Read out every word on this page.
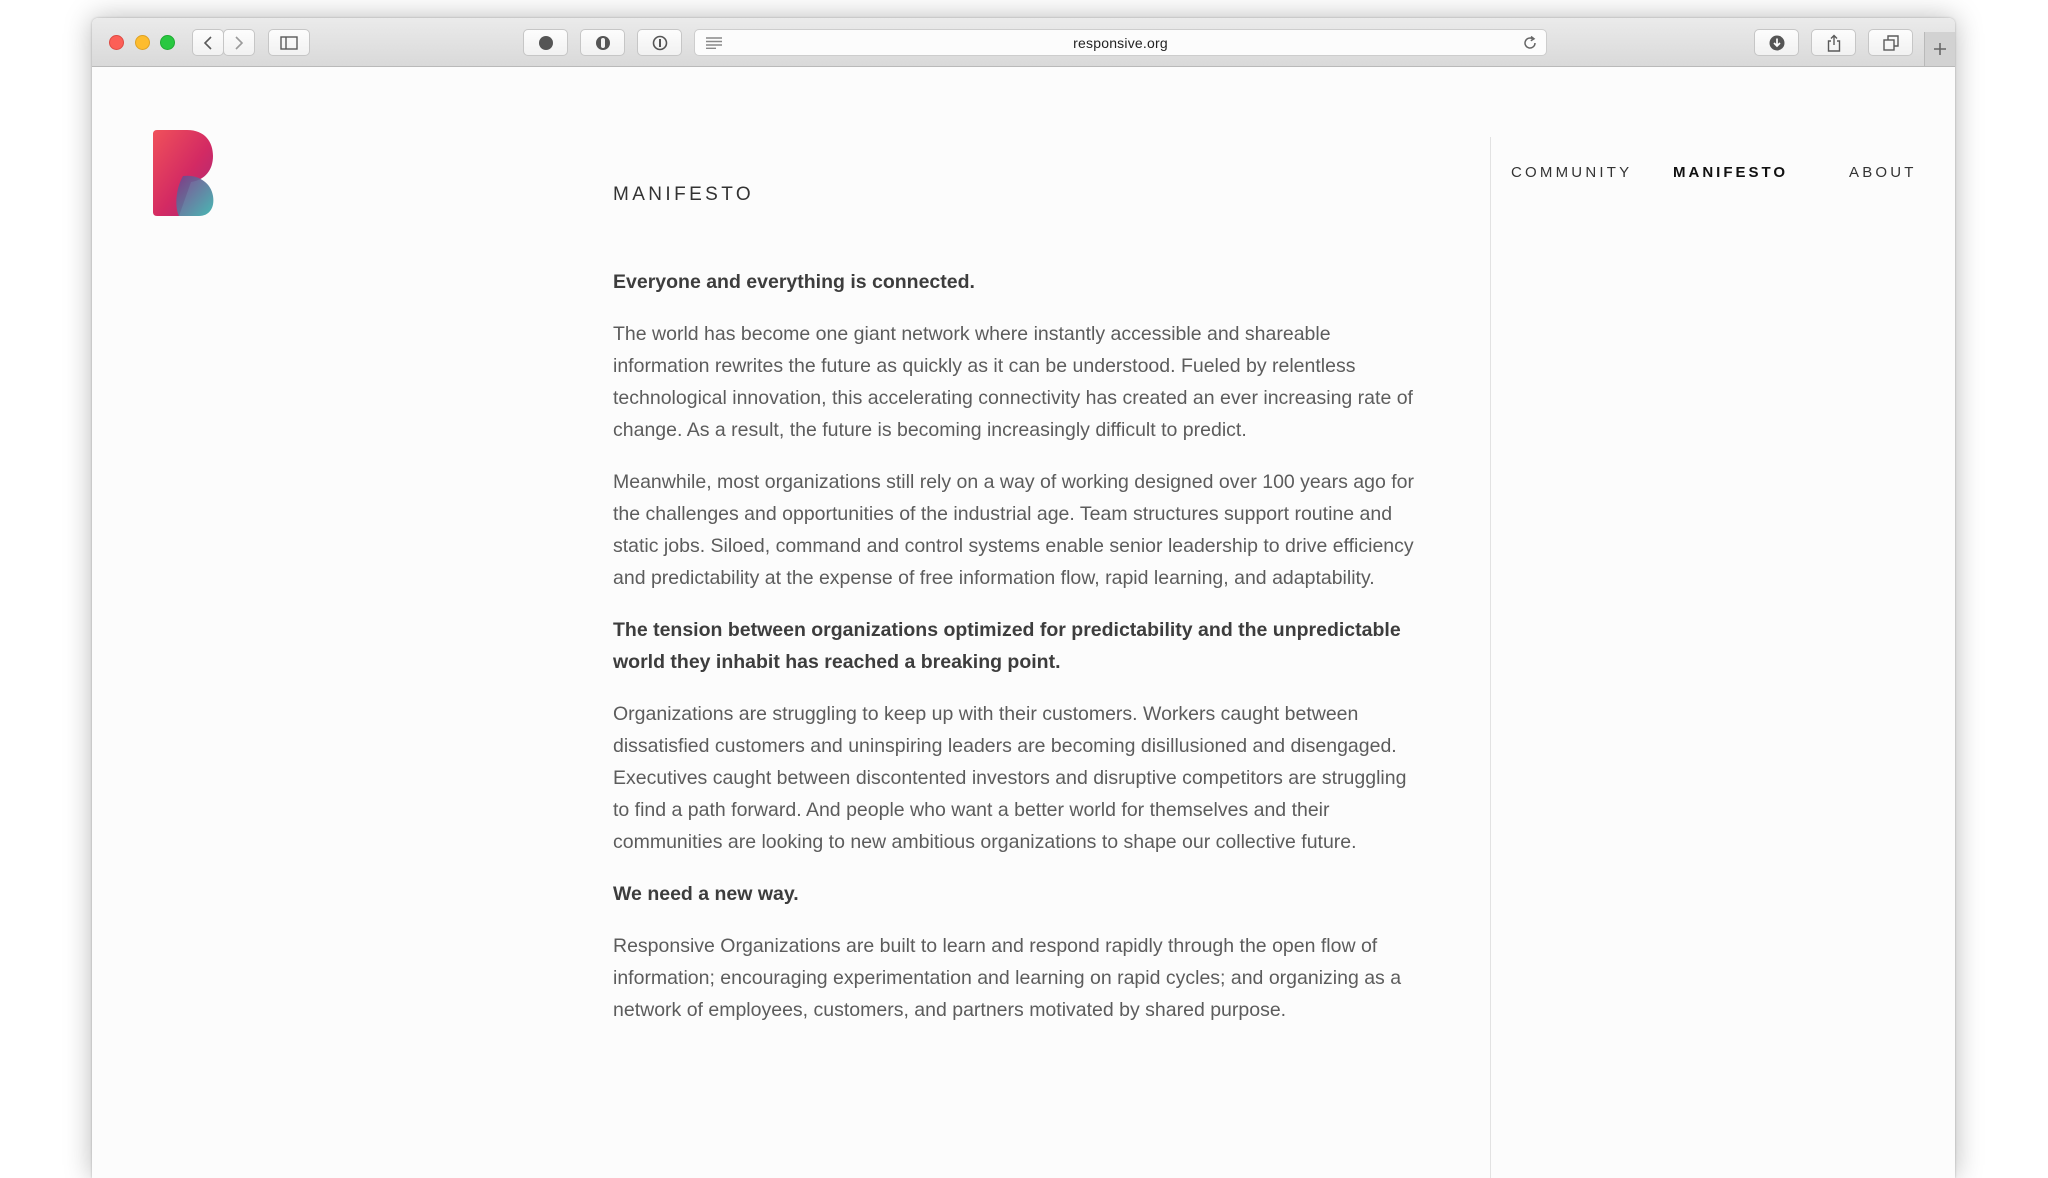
responsive.org
COMMUNITY	MANIFESTO	ABOUT
MANIFESTO

Everyone and everything is connected.

The world has become one giant network where instantly accessible and shareable information rewrites the future as quickly as it can be understood. Fueled by relentless technological innovation, this accelerating connectivity has created an ever increasing rate of change. As a result, the future is becoming increasingly difficult to predict.

Meanwhile, most organizations still rely on a way of working designed over 100 years ago for the challenges and opportunities of the industrial age. Team structures support routine and static jobs. Siloed, command and control systems enable senior leadership to drive efficiency and predictability at the expense of free information flow, rapid learning, and adaptability.

The tension between organizations optimized for predictability and the unpredictable world they inhabit has reached a breaking point.

Organizations are struggling to keep up with their customers. Workers caught between dissatisfied customers and uninspiring leaders are becoming disillusioned and disengaged. Executives caught between discontented investors and disruptive competitors are struggling to find a path forward. And people who want a better world for themselves and their communities are looking to new ambitious organizations to shape our collective future.

We need a new way.

Responsive Organizations are built to learn and respond rapidly through the open flow of information; encouraging experimentation and learning on rapid cycles; and organizing as a network of employees, customers, and partners motivated by shared purpose.
